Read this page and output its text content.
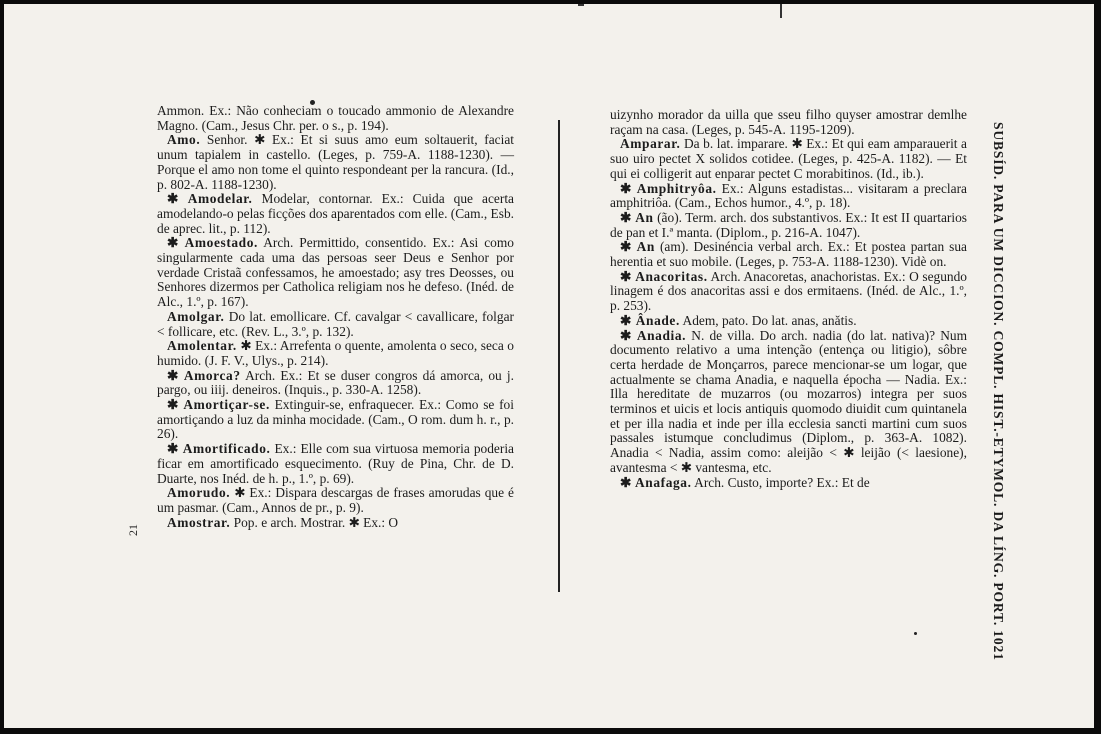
Ammon. Ex.: Não conheciam o toucado ammonio de Alexandre Magno. (Cam., Jesus Chr. per. o s., p. 194).

Amo. Senhor. ✱ Ex.: Et si suus amo eum soltauerit, faciat unum tapialem in castello. (Leges, p. 759-A. 1188-1230). — Porque el amo non tome el quinto respondeant per la rancura. (Id., p. 802-A. 1188-1230).

✱ Amodelar. Modelar, contornar. Ex.: Cuida que acerta amodelando-o pelas ficções dos aparentados com elle. (Cam., Esb. de aprec. lit., p. 112).

✱ Amoestado. Arch. Permittido, consentido. Ex.: Asi como singularmente cada uma das persoas seer Deus e Senhor por verdade Cristaã confessamos, he amoestado; asy tres Deosses, ou Senhores dizermos per Catholica religiam nos he defeso. (Inéd. de Alc., 1.º, p. 167).

Amolgar. Do lat. emollicare. Cf. cavalgar < cavallicare, folgar < follicare, etc. (Rev. L., 3.º, p. 132).

Amolentar. ✱ Ex.: Arrefenta o quente, amolenta o seco, seca o humido. (J. F. V., Ulys., p. 214).

✱ Amorca? Arch. Ex.: Et se duser congros dá amorca, ou j. pargo, ou iiij. deneiros. (Inquis., p. 330-A. 1258).

✱ Amortiçar-se. Extinguir-se, enfraquecer. Ex.: Como se foi amortiçando a luz da minha mocidade. (Cam., O rom. dum h. r., p. 26).

✱ Amortificado. Ex.: Elle com sua virtuosa memoria poderia ficar em amortificado esquecimento. (Ruy de Pina, Chr. de D. Duarte, nos Inéd. de h. p., 1.º, p. 69).

Amorudo. ✱ Ex.: Dispara descargas de frases amorudas que é um pasmar. (Cam., Annos de pr., p. 9).

Amostrar. Pop. e arch. Mostrar. ✱ Ex.: O

uizynho morador da uilla que sseu filho quyser amostrar demlhe raçam na casa. (Leges, p. 545-A. 1195-1209).

Amparar. Da b. lat. imparare. ✱ Ex.: Et qui eam amparauerit a suo uiro pectet X solidos cotidee. (Leges, p. 425-A. 1182). — Et qui ei colligerit aut enparar pectet C morabitinos. (Id., ib.).

✱ Amphitryôa. Ex.: Alguns estadistas... visitaram a preclara amphitriôa. (Cam., Echos humor., 4.º, p. 18).

✱ An (ão). Term. arch. dos substantivos. Ex.: It est II quartarios de pan et I.ª manta. (Diplom., p. 216-A. 1047).

✱ An (am). Desinéncia verbal arch. Ex.: Et postea partan sua herentia et suo mobile. (Leges, p. 753-A. 1188-1230). Vidè on.

✱ Anacoritas. Arch. Anacoretas, anachoristas. Ex.: O segundo linagem é dos anacoritas assi e dos ermitaens. (Inéd. de Alc., 1.º, p. 253).

✱ Ânade. Adem, pato. Do lat. anas, anătis.

✱ Anadia. N. de villa. Do arch. nadia (do lat. nativa)? Num documento relativo a uma intenção (entença ou litigio), sôbre certa herdade de Monçarros, parece mencionar-se um logar, que actualmente se chama Anadia, e naquella épocha — Nadia. Ex.: Illa hereditate de muzarros (ou mozarros) integra per suos terminos et uicis et locis antiquis quomodo diuidit cum quintanela et per illa nadia et inde per illa ecclesia sancti martini cum suos passales istumque concludimus (Diplom., p. 363-A. 1082). Anadia < Nadia, assim como: aleijão < ✱ leijão (< laesione), avantesma < ✱ vantesma, etc.

✱ Anafaga. Arch. Custo, importe? Ex.: Et de	SUBSÍD. PARA UM DICCION. COMPL. HIST.-ETYMOL. DA LÍNG. PORT. 1021
21
